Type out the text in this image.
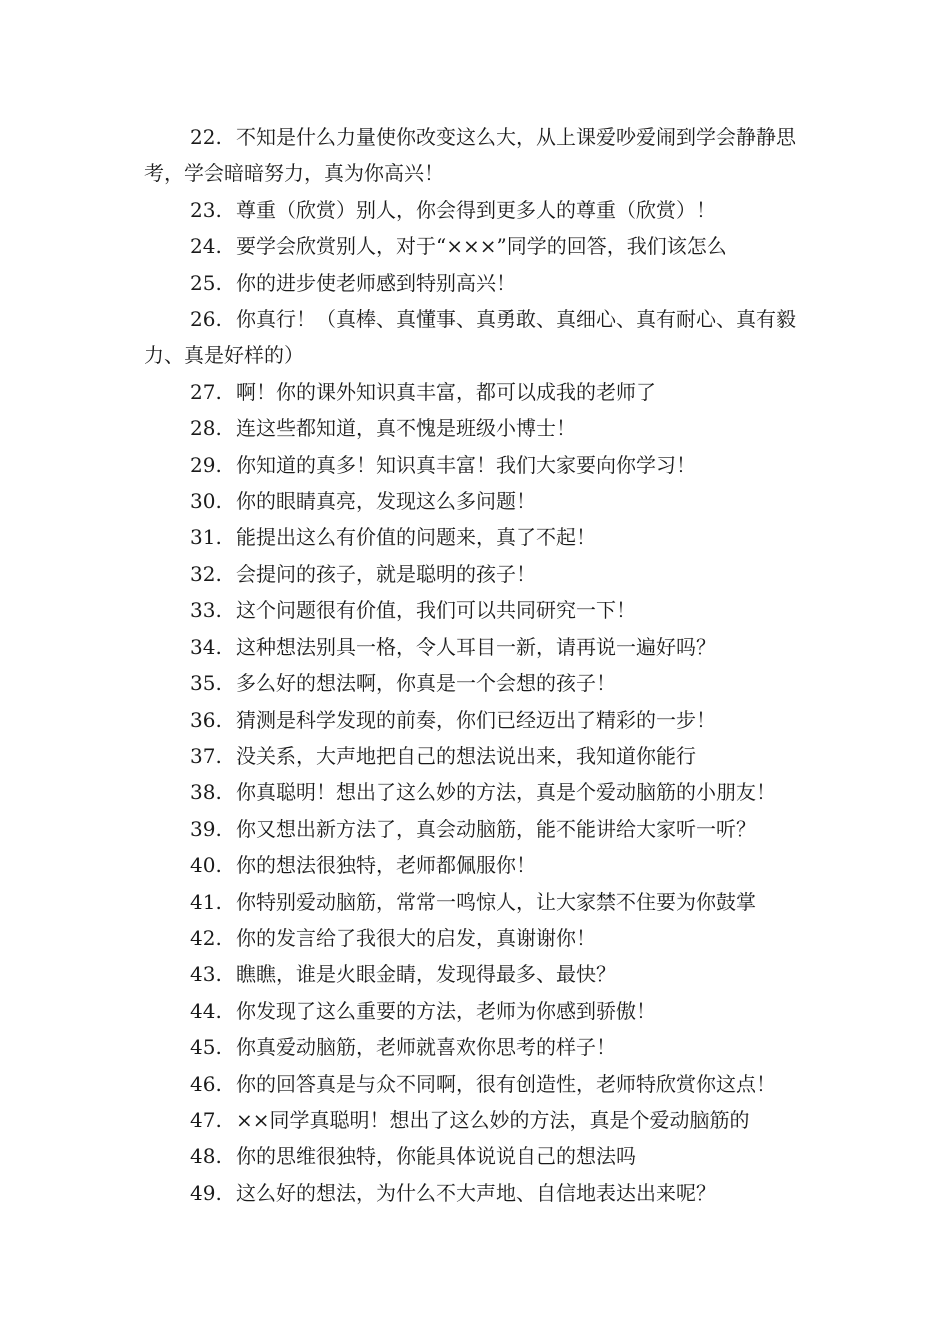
22. 不知是什么力量使你改变这么大，从上课爱吵爱闹到学会静静思考，学会暗暗努力，真为你高兴！
23. 尊重（欣赏）别人，你会得到更多人的尊重（欣赏）！
24. 要学会欣赏别人，对于“×××”同学的回答，我们该怎么
25. 你的进步使老师感到特别高兴！
26. 你真行！（真棒、真懂事、真勇敢、真细心、真有耐心、真有毅力、真是好样的）
27. 啊！你的课外知识真丰富，都可以成我的老师了
28. 连这些都知道，真不愧是班级小博士！
29. 你知道的真多！知识真丰富！我们大家要向你学习！
30. 你的眼睛真亮，发现这么多问题！
31. 能提出这么有价值的问题来，真了不起！
32. 会提问的孩子，就是聪明的孩子！
33. 这个问题很有价值，我们可以共同研究一下！
34. 这种想法别具一格，令人耳目一新，请再说一遍好吗？
35. 多么好的想法啊，你真是一个会想的孩子！
36. 猜测是科学发现的前奏，你们已经迈出了精彩的一步！
37. 没关系，大声地把自己的想法说出来，我知道你能行
38. 你真聪明！想出了这么妙的方法，真是个爱动脑筋的小朋友！
39. 你又想出新方法了，真会动脑筋，能不能讲给大家听一听？
40. 你的想法很独特，老师都佩服你！
41. 你特别爱动脑筋，常常一鸣惊人，让大家禁不住要为你鼓掌
42. 你的发言给了我很大的启发，真谢谢你！
43. 瞧瞧，谁是火眼金睛，发现得最多、最快？
44. 你发现了这么重要的方法，老师为你感到骄傲！
45. 你真爱动脑筋，老师就喜欢你思考的样子！
46. 你的回答真是与众不同啊，很有创造性，老师特欣赏你这点！
47. ××同学真聪明！想出了这么妙的方法，真是个爱动脑筋的
48. 你的思维很独特，你能具体说说自己的想法吗
49. 这么好的想法，为什么不大声地、自信地表达出来呢？
